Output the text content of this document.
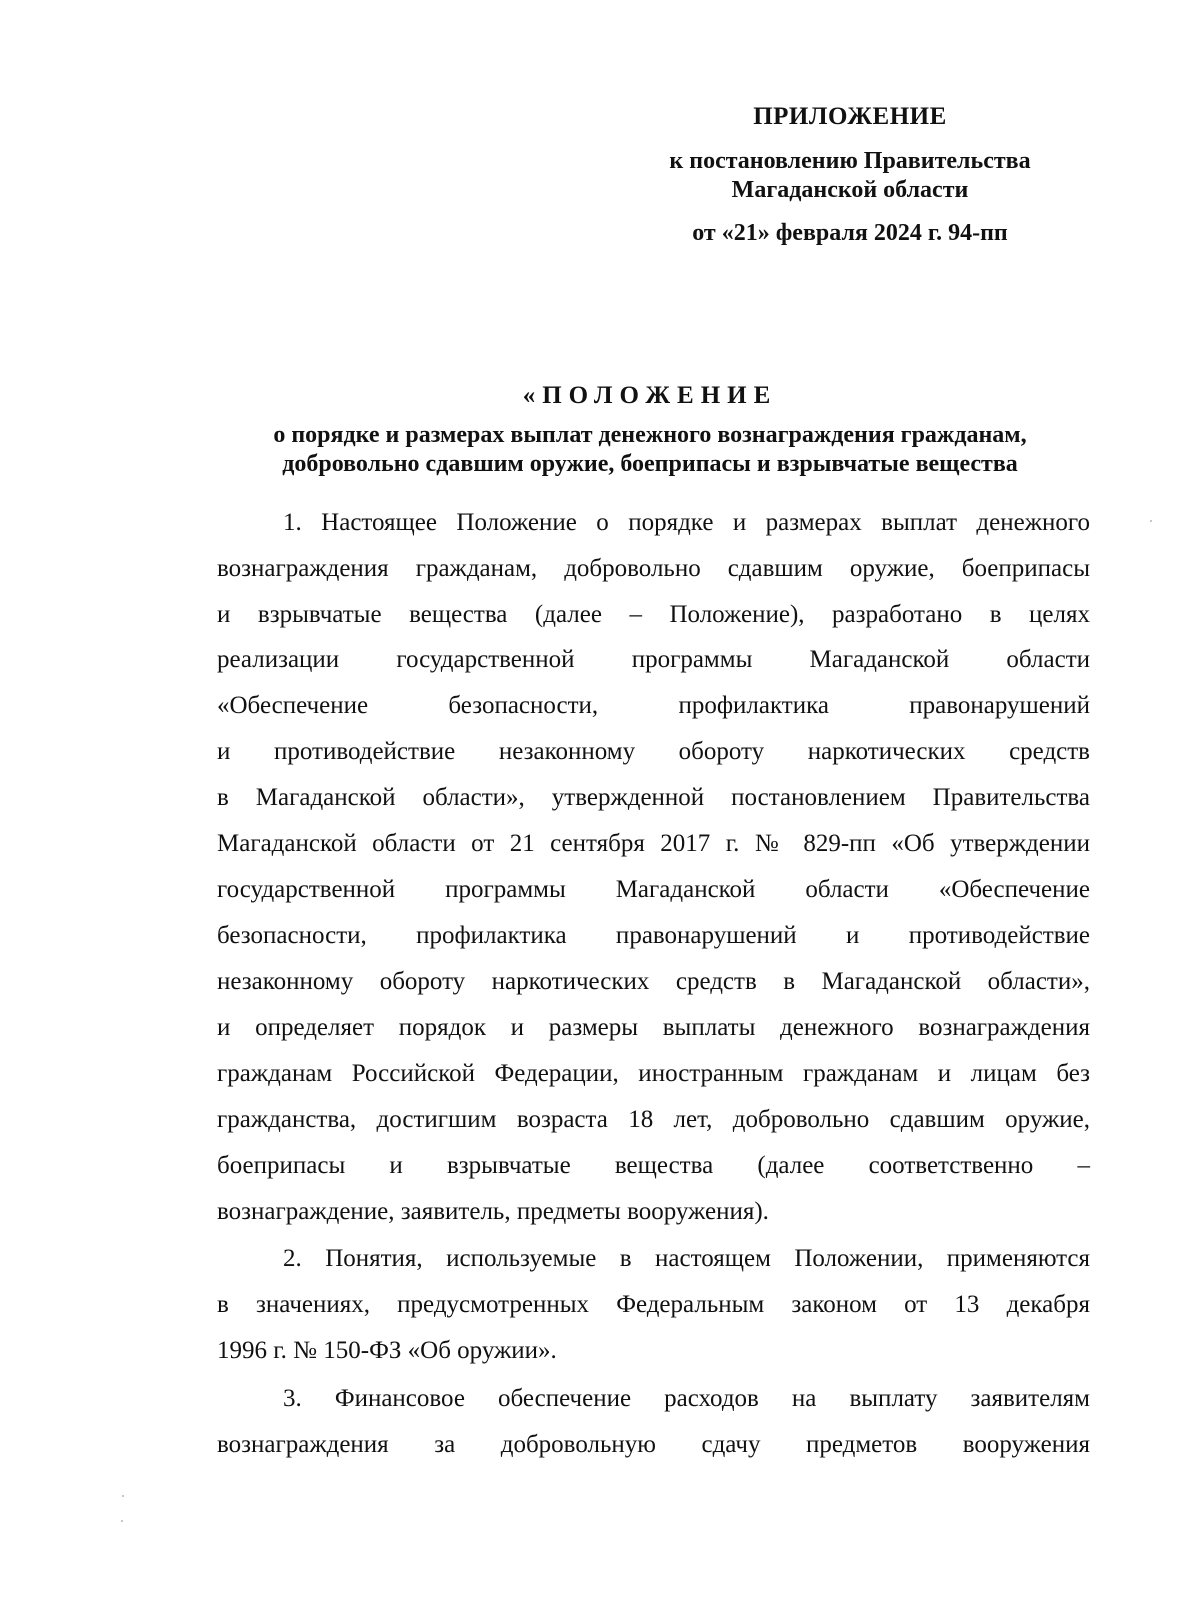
ПРИЛОЖЕНИЕ
к постановлению Правительства
Магаданской области
от «21» февраля 2024 г. 94-пп
«ПОЛОЖЕНИЕ
о порядке и размерах выплат денежного вознаграждения гражданам,
добровольно сдавшим оружие, боеприпасы и взрывчатые вещества
1. Настоящее Положение о порядке и размерах выплат денежного
вознаграждения гражданам, добровольно сдавшим оружие, боеприпасы
и взрывчатые вещества (далее – Положение), разработано в целях
реализации государственной программы Магаданской области
«Обеспечение безопасности, профилактика правонарушений
и противодействие незаконному обороту наркотических средств
в Магаданской области», утвержденной постановлением Правительства
Магаданской области от 21 сентября 2017 г. № 829-пп «Об утверждении
государственной программы Магаданской области «Обеспечение
безопасности, профилактика правонарушений и противодействие
незаконному обороту наркотических средств в Магаданской области»,
и определяет порядок и размеры выплаты денежного вознаграждения
гражданам Российской Федерации, иностранным гражданам и лицам без
гражданства, достигшим возраста 18 лет, добровольно сдавшим оружие,
боеприпасы и взрывчатые вещества (далее соответственно –
вознаграждение, заявитель, предметы вооружения).
2. Понятия, используемые в настоящем Положении, применяются
в значениях, предусмотренных Федеральным законом от 13 декабря
1996 г. № 150-ФЗ «Об оружии».
3. Финансовое обеспечение расходов на выплату заявителям
вознаграждения за добровольную сдачу предметов вооружения
